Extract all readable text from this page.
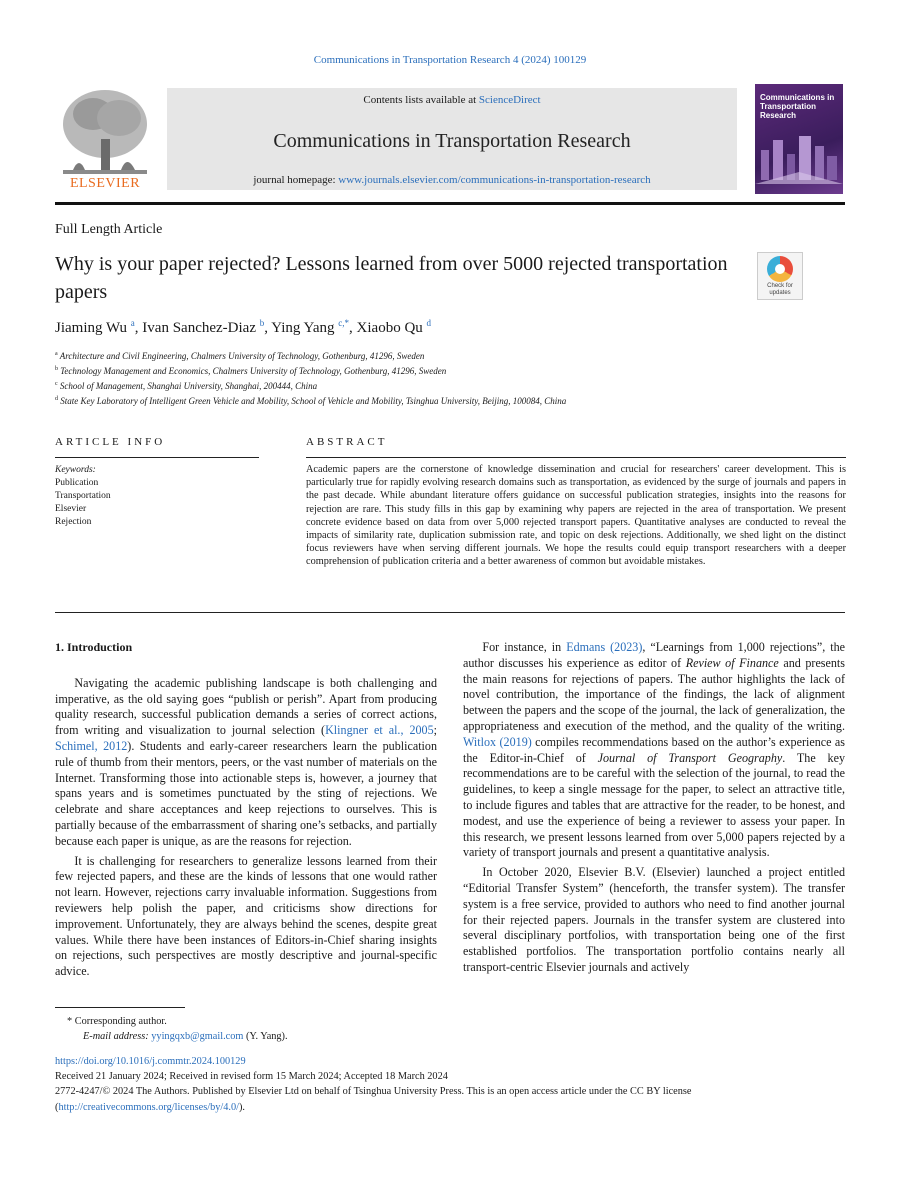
Communications in Transportation Research 4 (2024) 100129
ELSEVIER
Contents lists available at ScienceDirect
Communications in Transportation Research
journal homepage: www.journals.elsevier.com/communications-in-transportation-research
Communications in Transportation Research
Full Length Article
Why is your paper rejected? Lessons learned from over 5000 rejected transportation papers	Check for updates
Jiaming Wu $^a$, Ivan Sanchez-Diaz $^b$, Ying Yang $^{c,*}$, Xiaobo Qu $^d$
$^a$ Architecture and Civil Engineering, Chalmers University of Technology, Gothenburg, 41296, Sweden
$^b$ Technology Management and Economics, Chalmers University of Technology, Gothenburg, 41296, Sweden
$^c$ School of Management, Shanghai University, Shanghai, 200444, China
$^d$ State Key Laboratory of Intelligent Green Vehicle and Mobility, School of Vehicle and Mobility, Tsinghua University, Beijing, 100084, China
ARTICLE INFO	ABSTRACT
Keywords:
Publication
Transportation
Elsevier
Rejection
Academic papers are the cornerstone of knowledge dissemination and crucial for researchers' career development. This is particularly true for rapidly evolving research domains such as transportation, as evidenced by the surge of journals and papers in the past decade. While abundant literature offers guidance on successful publication strategies, insights into the reasons for rejection are rare. This study fills in this gap by examining why papers are rejected in the area of transportation. We present concrete evidence based on data from over 5,000 rejected transport papers. Quantitative analyses are conducted to reveal the impacts of similarity rate, duplication submission rate, and topic on desk rejections. Additionally, we shed light on the distinct focus reviewers have when serving different journals. We hope the results could equip transport researchers with a deeper comprehension of publication criteria and a better awareness of common but avoidable mistakes.
1. Introduction

Navigating the academic publishing landscape is both challenging and imperative, as the old saying goes “publish or perish”. Apart from producing quality research, successful publication demands a series of correct actions, from writing and visualization to journal selection (Klingner et al., 2005; Schimel, 2012). Students and early-career researchers learn the publication rule of thumb from their mentors, peers, or the vast number of materials on the Internet. Transforming those into actionable steps is, however, a journey that spans years and is sometimes punctuated by the sting of rejections. We celebrate and share acceptances and keep rejections to ourselves. This is partially because of the embarrassment of sharing one’s setbacks, and partially because each paper is unique, as are the reasons for rejection.

It is challenging for researchers to generalize lessons learned from their few rejected papers, and these are the kinds of lessons that one would rather not learn. However, rejections carry invaluable information. Suggestions from reviewers help polish the paper, and criticisms show directions for improvement. Unfortunately, they are always behind the scenes, despite great values. While there have been instances of Editors-in-Chief sharing insights on rejections, such perspectives are mostly descriptive and journal-specific advice.

For instance, in Edmans (2023), “Learnings from 1,000 rejections”, the author discusses his experience as editor of Review of Finance and presents the main reasons for rejections of papers. The author highlights the lack of novel contribution, the importance of the findings, the lack of alignment between the papers and the scope of the journal, the lack of generalization, the appropriateness and execution of the method, and the quality of the writing. Witlox (2019) compiles recommendations based on the author’s experience as the Editor-in-Chief of Journal of Transport Geography. The key recommendations are to be careful with the selection of the journal, to read the guidelines, to keep a single message for the paper, to select an attractive title, to include figures and tables that are attractive for the reader, to be honest, and modest, and use the experience of being a reviewer to assess your paper. In this research, we present lessons learned from over 5,000 papers rejected by a variety of transport journals and present a quantitative analysis.

In October 2020, Elsevier B.V. (Elsevier) launched a project entitled “Editorial Transfer System” (henceforth, the transfer system). The transfer system is a free service, provided to authors who need to find another journal for their rejected papers. Journals in the transfer system are clustered into several disciplinary portfolios, with transportation being one of the first established portfolios. The transportation portfolio contains nearly all transport-centric Elsevier journals and actively

* Corresponding author.
E-mail address: yyingqxb@gmail.com (Y. Yang).
https://doi.org/10.1016/j.commtr.2024.100129
Received 21 January 2024; Received in revised form 15 March 2024; Accepted 18 March 2024
2772-4247/© 2024 The Authors. Published by Elsevier Ltd on behalf of Tsinghua University Press. This is an open access article under the CC BY license (http://creativecommons.org/licenses/by/4.0/).
